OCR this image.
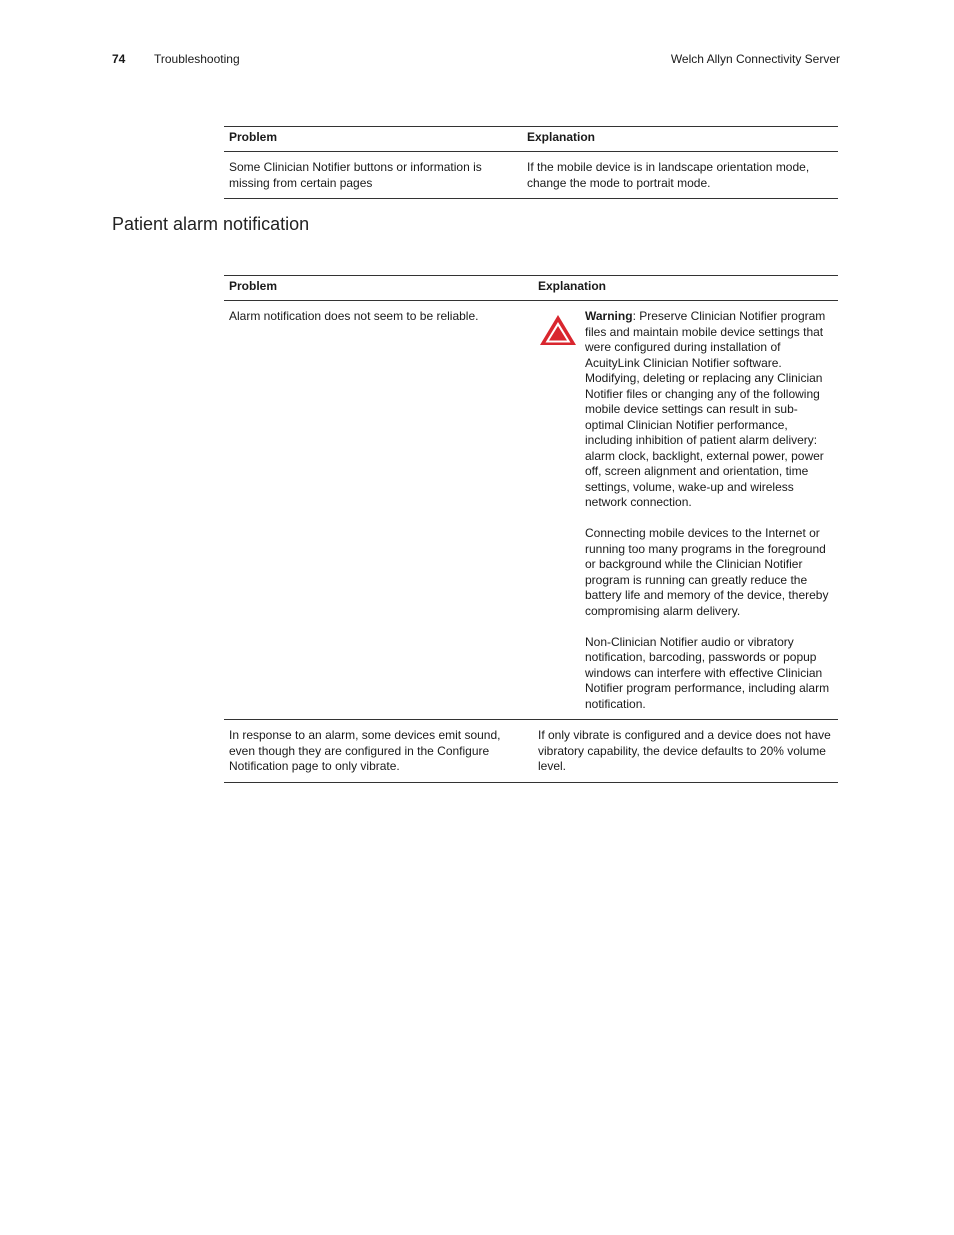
74 Troubleshooting	Welch Allyn Connectivity Server
Problem	Explanation
Some Clinician Notifier buttons or information is missing from certain pages	If the mobile device is in landscape orientation mode, change the mode to portrait mode.
Patient alarm notification
Problem	Explanation
Alarm notification does not seem to be reliable.	Warning: Preserve Clinician Notifier program files and maintain mobile device settings that were configured during installation of AcuityLink Clinician Notifier software. Modifying, deleting or replacing any Clinician Notifier files or changing any of the following mobile device settings can result in sub-optimal Clinician Notifier performance, including inhibition of patient alarm delivery: alarm clock, backlight, external power, power off, screen alignment and orientation, time settings, volume, wake-up and wireless network connection.

Connecting mobile devices to the Internet or running too many programs in the foreground or background while the Clinician Notifier program is running can greatly reduce the battery life and memory of the device, thereby compromising alarm delivery.

Non-Clinician Notifier audio or vibratory notification, barcoding, passwords or popup windows can interfere with effective Clinician Notifier program performance, including alarm notification.

In response to an alarm, some devices emit sound, even though they are configured in the Configure Notification page to only vibrate.	If only vibrate is configured and a device does not have vibratory capability, the device defaults to 20% volume level.
